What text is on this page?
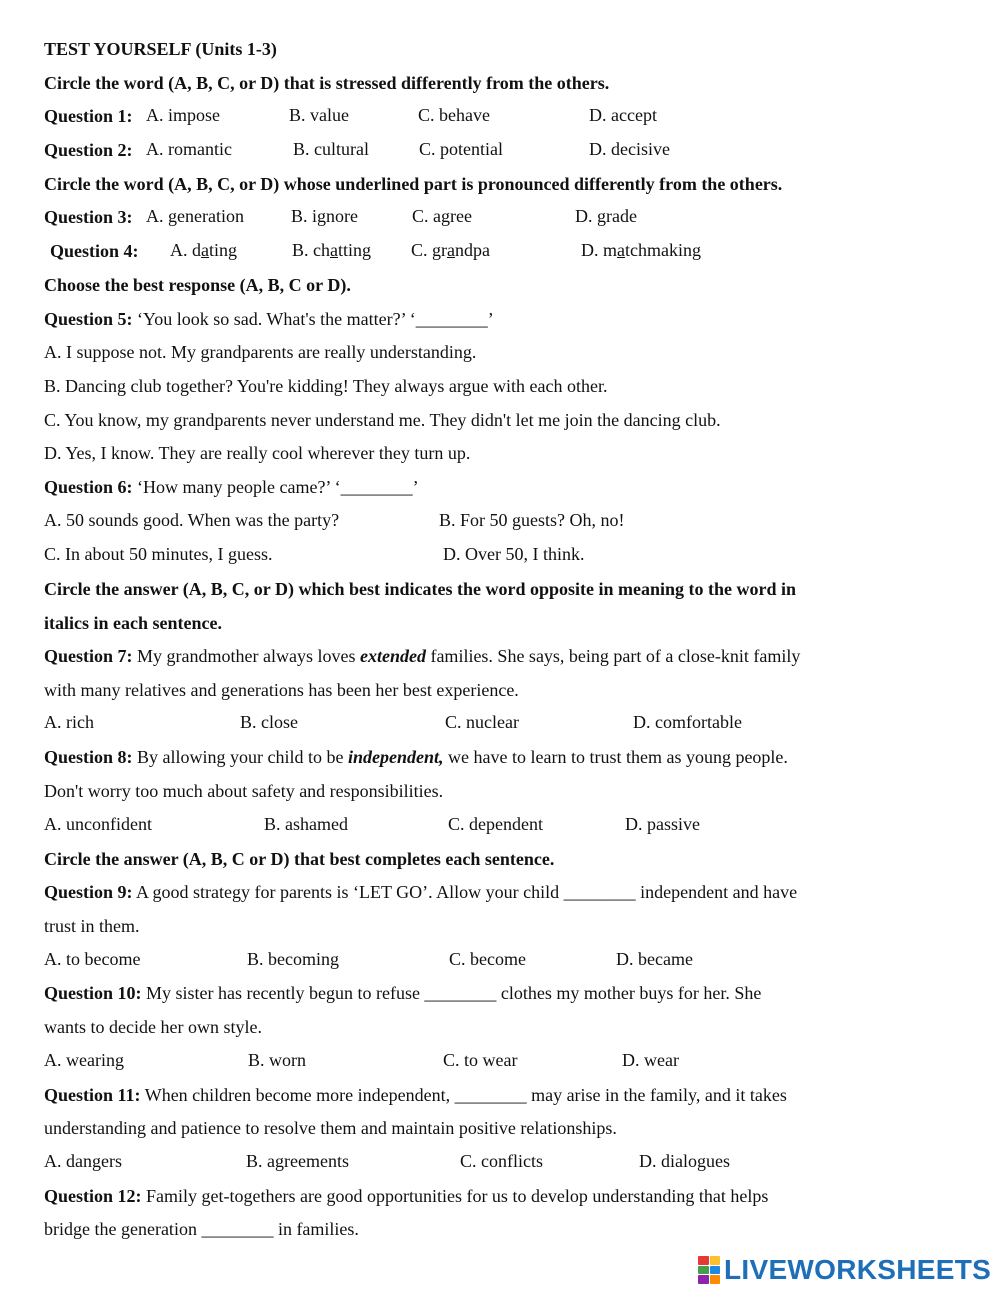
TEST YOURSELF (Units 1-3)
Circle the word (A, B, C, or D) that is stressed differently from the others.
Question 1: A. impose	B. value	C. behave	D. accept
Question 2: A. romantic	B. cultural	C. potential	D. decisive
Circle the word (A, B, C, or D) whose underlined part is pronounced differently from the others.
Question 3: A. generation	B. ignore	C. agree	D. grade
Question 4: A. dating	B. chatting C. grandpa	D. matchmaking
Choose the best response (A, B, C or D).
Question 5: ‘You look so sad. What's the matter?’ ‘________’
A. I suppose not. My grandparents are really understanding.
B. Dancing club together? You're kidding! They always argue with each other.
C. You know, my grandparents never understand me. They didn't let me join the dancing club.
D. Yes, I know. They are really cool wherever they turn up.
Question 6: ‘How many people came?’ ‘________’
A. 50 sounds good. When was the party?	B. For 50 guests? Oh, no!
C. In about 50 minutes, I guess.	D. Over 50, I think.
Circle the answer (A, B, C, or D) which best indicates the word opposite in meaning to the word in
italics in each sentence.
Question 7: My grandmother always loves extended families. She says, being part of a close-knit family
with many relatives and generations has been her best experience.
A. rich	B. close	C. nuclear	D. comfortable
Question 8: By allowing your child to be independent, we have to learn to trust them as young people.
Don't worry too much about safety and responsibilities.
A. unconfident	B. ashamed	C. dependent	D. passive
Circle the answer (A, B, C or D) that best completes each sentence.
Question 9: A good strategy for parents is ‘LET GO’. Allow your child ________ independent and have
trust in them.
A. to become	B. becoming	C. become	D. became
Question 10: My sister has recently begun to refuse ________ clothes my mother buys for her. She
wants to decide her own style.
A. wearing	B. worn	C. to wear	D. wear
Question 11: When children become more independent, ________ may arise in the family, and it takes
understanding and patience to resolve them and maintain positive relationships.
A. dangers	B. agreements	C. conflicts	D. dialogues
Question 12: Family get-togethers are good opportunities for us to develop understanding that helps
bridge the generation ________ in families.
LIVEWORKSHEETS
